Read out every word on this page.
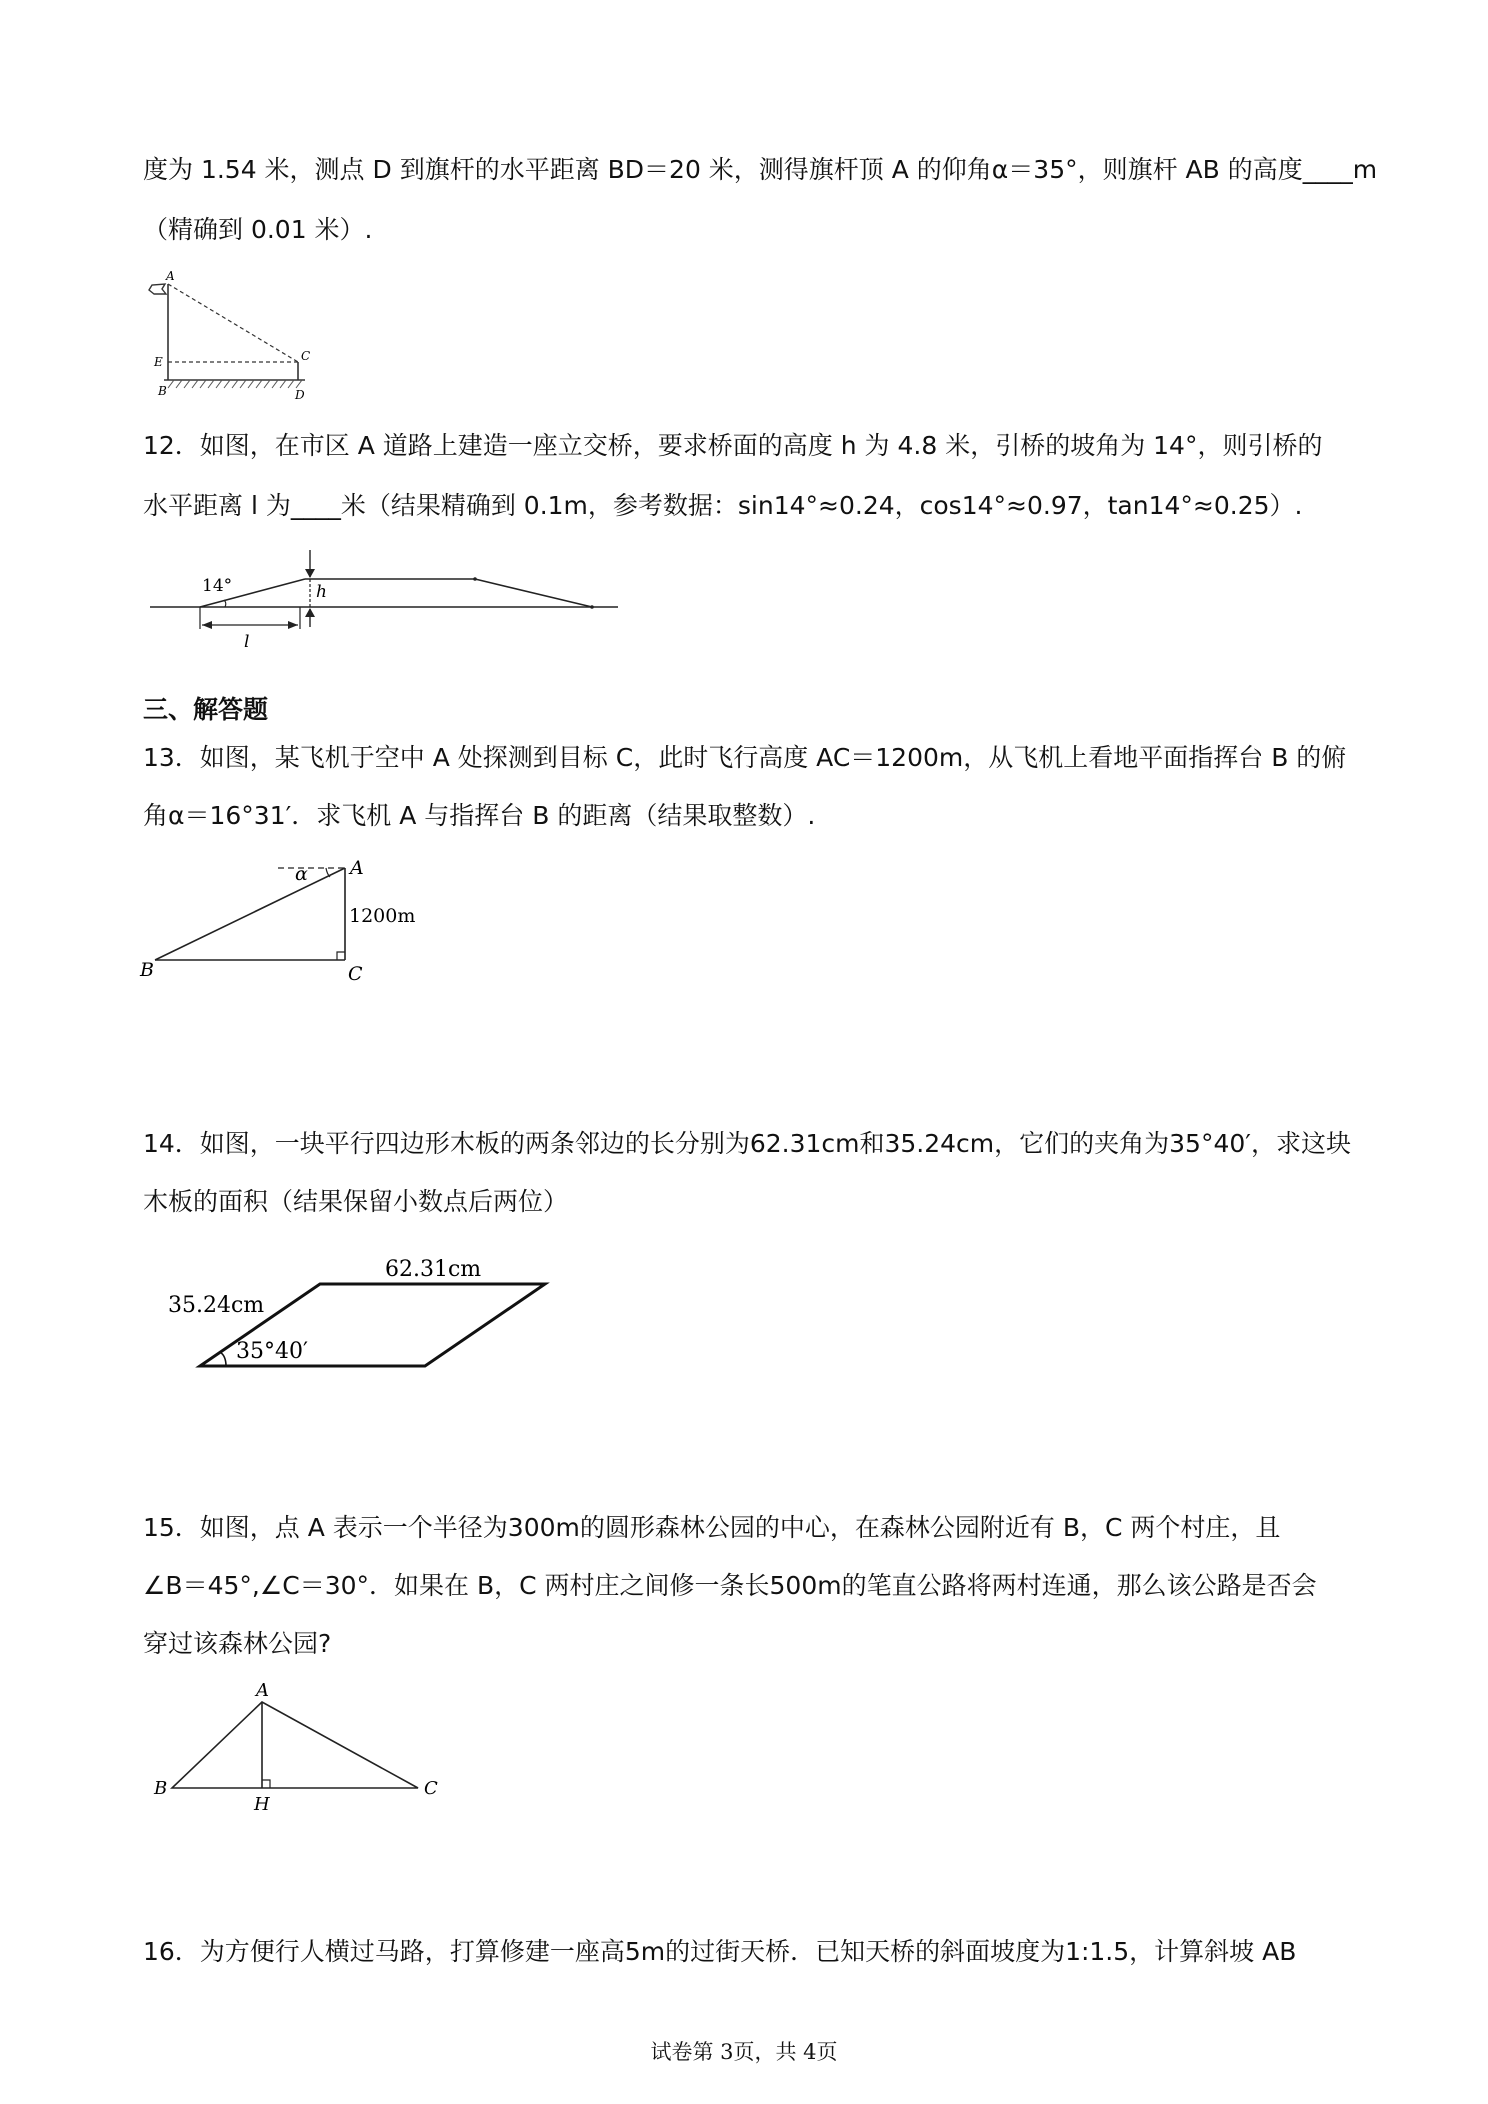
度为 1.54 米，测点 D 到旗杆的水平距离 BD＝20 米，测得旗杆顶 A 的仰角α＝35°，则旗杆 AB 的高度____m
（精确到 0.01 米）.
A
E
B
C
D
12．如图，在市区 A 道路上建造一座立交桥，要求桥面的高度 h 为 4.8 米，引桥的坡角为 14°，则引桥的
水平距离 l 为____米（结果精确到 0.1m，参考数据：sin14°≈0.24，cos14°≈0.97，tan14°≈0.25）.
14°	h
l
三、解答题
13．如图，某飞机于空中 A 处探测到目标 C，此时飞行高度 AC＝1200m，从飞机上看地平面指挥台 B 的俯
角α＝16°31′．求飞机 A 与指挥台 B 的距离（结果取整数）.
α A
B	C
1200m
14．如图，一块平行四边形木板的两条邻边的长分别为62.31cm和35.24cm，它们的夹角为35°40′，求这块
木板的面积（结果保留小数点后两位）
62.31cm
35.24cm
35°40′
15．如图，点 A 表示一个半径为300m的圆形森林公园的中心，在森林公园附近有 B，C 两个村庄，且
∠B＝45°,∠C＝30°．如果在 B，C 两村庄之间修一条长500m的笔直公路将两村连通，那么该公路是否会
穿过该森林公园?
A
B	C
H
16．为方便行人横过马路，打算修建一座高5m的过街天桥．已知天桥的斜面坡度为1:1.5，计算斜坡 AB
试卷第 3页，共 4页
